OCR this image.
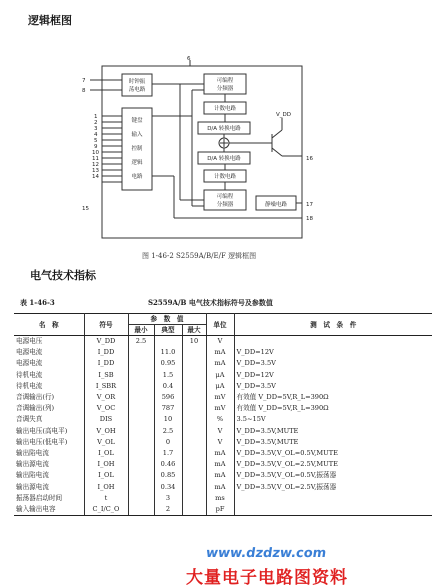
逻辑框图
时钟振
荡电路
可编程
分频器
计数电路
D/A 转换电路
D/A 转换电路
计数电路
可编程
分频器
键盘
输入
控制
逻辑
电路
静噪电路
6
7
8
1
2
3
4
5
9
10
11
12
13
14
15
16
17
18
V_DD
图 1-46-2 S2559A/B/E/F 逻辑框图
电气技术指标
表 1-46-3	S2559A/B 电气技术指标符号及参数值
名　称	符号	参　数　值			单位	测　试　条　件
		最小	典型	最大		
电源电压	V_DD	2.5		10	V	
电源电流	I_DD		11.0		mA	V_DD=12V
电源电流	I_DD		0.95		mA	V_DD=3.5V
待机电流	I_SB		1.5		μA	V_DD=12V
待机电流	I_SBR		0.4		μA	V_DD=3.5V
音调输出(行)	V_OR		596		mV	有效值 V_DD=5V,R_L=390Ω
音调输出(列)	V_OC		787		mV	有效值 V_DD=5V,R_L=390Ω
音调失真	DIS		10		%	3.5~15V
输出电压(高电平)	V_OH		2.5		V	V_DD=3.5V,MUTE
输出电压(低电平)	V_OL		0		V	V_DD=3.5V,MUTE
输出陷电流	I_OL		1.7		mA	V_DD=3.5V,V_OL=0.5V,MUTE
输出源电流	I_OH		0.46		mA	V_DD=3.5V,V_OL=2.5V,MUTE
输出陷电流	I_OL		0.85		mA	V_DD=3.5V,V_OL=0.5V,振荡器
输出源电流	I_OH		0.34		mA	V_DD=3.5V,V_OL=2.5V,振荡器
振荡器启动时间	t		3		ms	
输入输出电容	C_I/C_O		2		pF	
www.dzdzw.com
大量电子电路图资料
